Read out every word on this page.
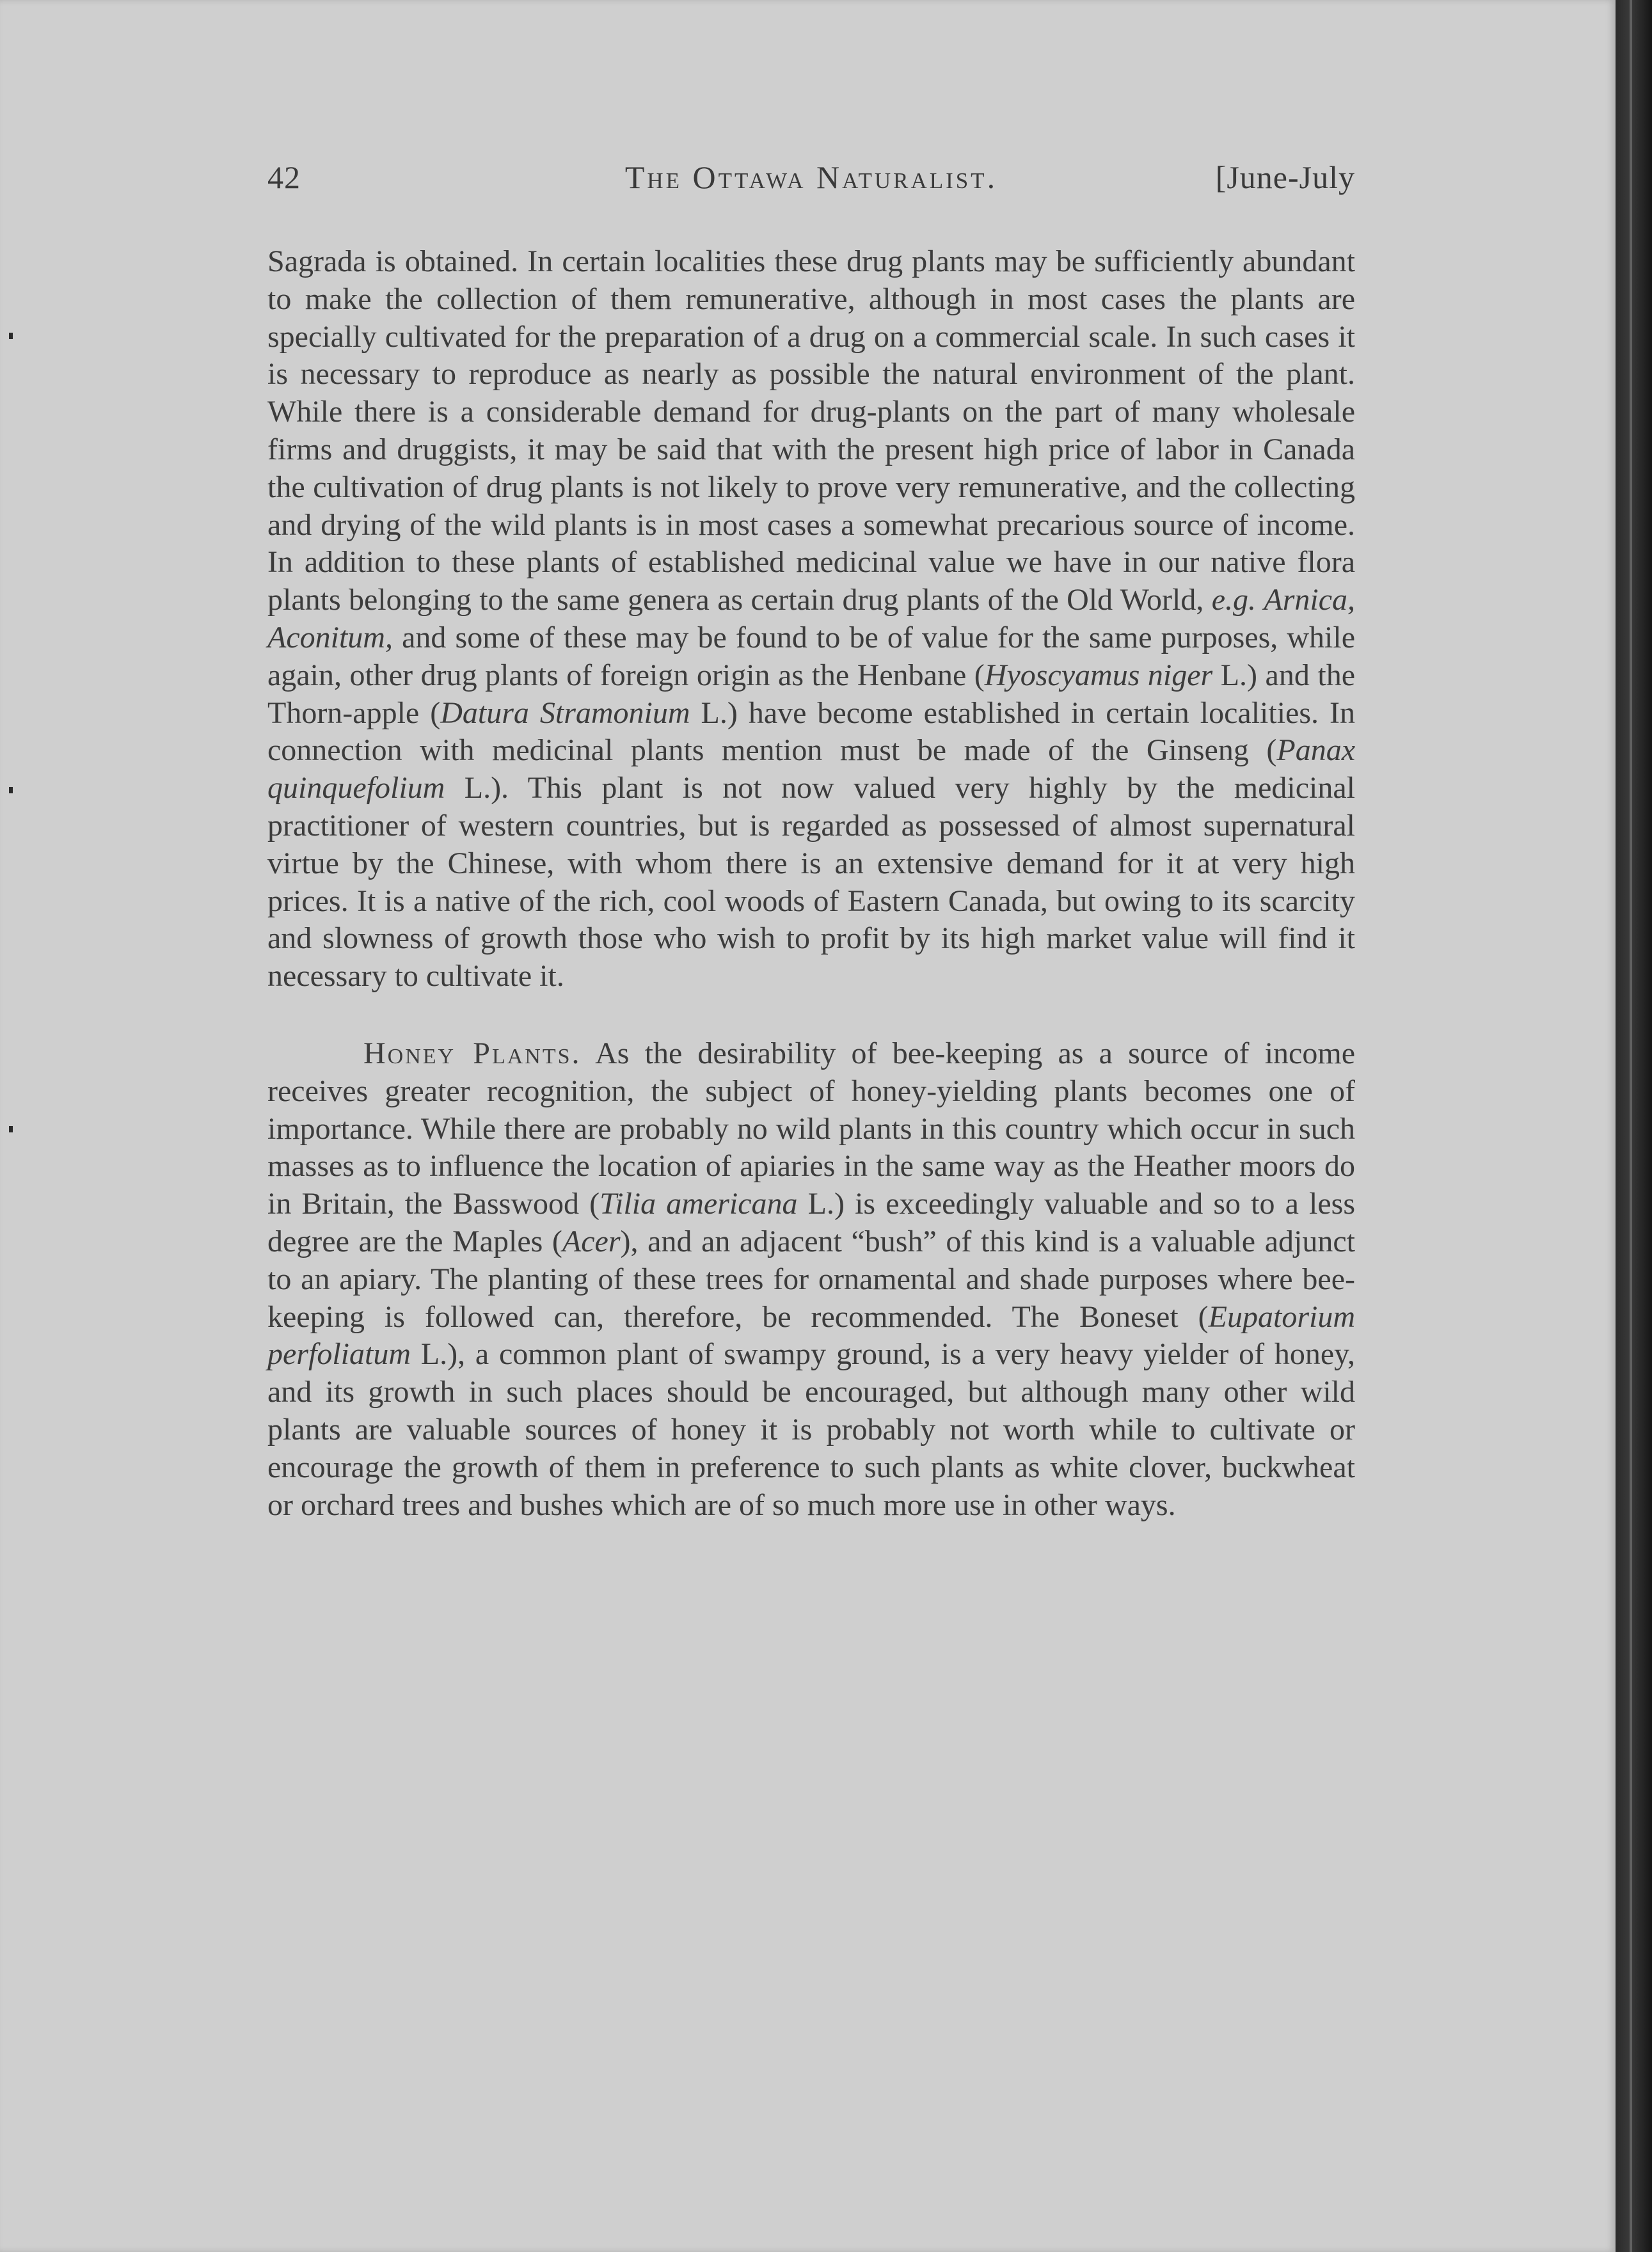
42	The Ottawa Naturalist.	[June-July

Sagrada is obtained. In certain localities these drug plants may be sufficiently abundant to make the collection of them remunerative, although in most cases the plants are specially cultivated for the preparation of a drug on a commercial scale. In such cases it is necessary to reproduce as nearly as possible the natural environment of the plant. While there is a considerable demand for drug-plants on the part of many wholesale firms and druggists, it may be said that with the present high price of labor in Canada the cultivation of drug plants is not likely to prove very remunerative, and the collecting and drying of the wild plants is in most cases a somewhat precarious source of income. In addition to these plants of established medicinal value we have in our native flora plants belonging to the same genera as certain drug plants of the Old World, e.g. Arnica, Aconitum, and some of these may be found to be of value for the same purposes, while again, other drug plants of foreign origin as the Henbane (Hyoscyamus niger L.) and the Thorn-apple (Datura Stramonium L.) have become established in certain localities. In connection with medicinal plants mention must be made of the Ginseng (Panax quinquefolium L.). This plant is not now valued very highly by the medicinal practitioner of western countries, but is regarded as possessed of almost supernatural virtue by the Chinese, with whom there is an extensive demand for it at very high prices. It is a native of the rich, cool woods of Eastern Canada, but owing to its scarcity and slowness of growth those who wish to profit by its high market value will find it necessary to cultivate it.

Honey Plants. As the desirability of bee-keeping as a source of income receives greater recognition, the subject of honey-yielding plants becomes one of importance. While there are probably no wild plants in this country which occur in such masses as to influence the location of apiaries in the same way as the Heather moors do in Britain, the Basswood (Tilia americana L.) is exceedingly valuable and so to a less degree are the Maples (Acer), and an adjacent “bush” of this kind is a valuable adjunct to an apiary. The planting of these trees for ornamental and shade purposes where bee-keeping is followed can, therefore, be recommended. The Boneset (Eupatorium perfoliatum L.), a common plant of swampy ground, is a very heavy yielder of honey, and its growth in such places should be encouraged, but although many other wild plants are valuable sources of honey it is probably not worth while to cultivate or encourage the growth of them in preference to such plants as white clover, buckwheat or orchard trees and bushes which are of so much more use in other ways.
